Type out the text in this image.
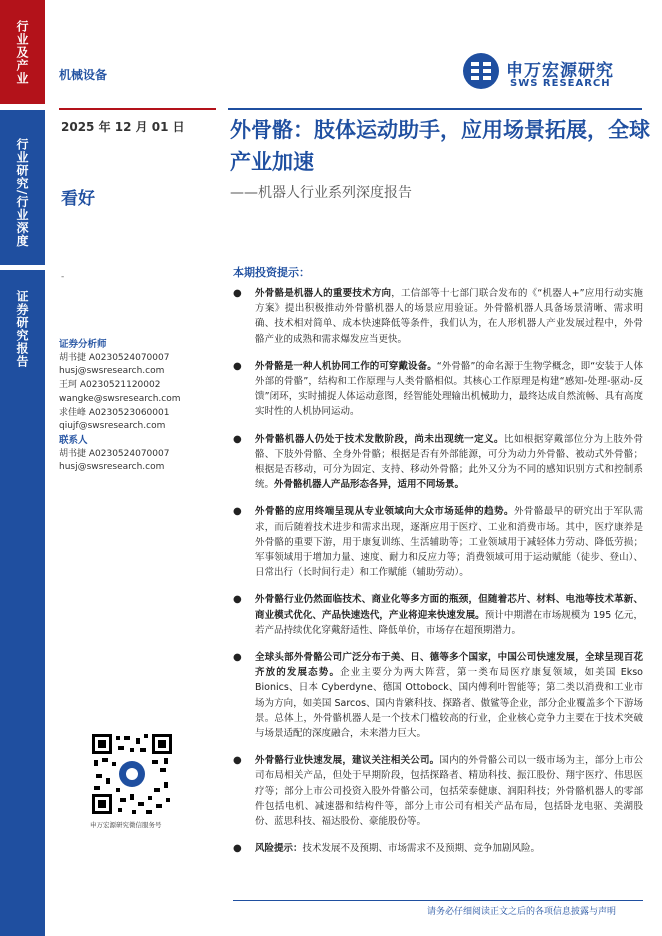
行业及产业
行业研究/行业深度
证券研究报告
机械设备	申万宏源研究
SWS RESEARCH
2025 年 12 月 01 日 外骨骼：肢体运动助手，应用场景拓展，全球产业加速
——机器人行业系列深度报告
看好
-
证券分析师
胡书捷 A0230524070007
husj@swsresearch.com
王珂 A0230521120002
wangke@swsresearch.com
求佳峰 A0230523060001
qiujf@swsresearch.com
联系人
胡书捷 A0230524070007
husj@swsresearch.com
申万宏源研究微信服务号
本期投资提示：
● 外骨骼是机器人的重要技术方向，工信部等十七部门联合发布的《“机器人+”应用行动实施方案》提出积极推动外骨骼机器人的场景应用验证。外骨骼机器人具备场景清晰、需求明确、技术相对简单、成本快速降低等条件，我们认为，在人形机器人产业发展过程中，外骨骼产业的成熟和需求爆发应当更快。
● 外骨骼是一种人机协同工作的可穿戴设备。“外骨骼”的命名源于生物学概念，即“安装于人体外部的骨骼”，结构和工作原理与人类骨骼相似。其核心工作原理是构建“感知-处理-驱动-反馈”闭环，实时捕捉人体运动意图，经智能处理输出机械助力，最终达成自然流畅、具有高度实时性的人机协同运动。
● 外骨骼机器人仍处于技术发散阶段，尚未出现统一定义。比如根据穿戴部位分为上肢外骨骼、下肢外骨骼、全身外骨骼；根据是否有外部能源，可分为动力外骨骼、被动式外骨骼；根据是否移动，可分为固定、支持、移动外骨骼；此外又分为不同的感知识别方式和控制系统。外骨骼机器人产品形态各异，适用不同场景。
● 外骨骼的应用终端呈现从专业领域向大众市场延伸的趋势。外骨骼最早的研究出于军队需求，而后随着技术进步和需求出现，逐渐应用于医疗、工业和消费市场。其中，医疗康养是外骨骼的重要下游，用于康复训练、生活辅助等；工业领域用于减轻体力劳动、降低劳损；军事领域用于增加力量、速度、耐力和反应力等；消费领域可用于运动赋能（徒步、登山）、日常出行（长时间行走）和工作赋能（辅助劳动）。
● 外骨骼行业仍然面临技术、商业化等多方面的瓶颈，但随着芯片、材料、电池等技术革新、商业模式优化、产品快速迭代，产业将迎来快速发展。预计中期潜在市场规模为 195 亿元，若产品持续优化穿戴舒适性、降低单价，市场存在超预期潜力。
● 全球头部外骨骼公司广泛分布于美、日、德等多个国家，中国公司快速发展，全球呈现百花齐放的发展态势。企业主要分为两大阵营，第一类布局医疗康复领域，如美国 Ekso Bionics、日本 Cyberdyne、德国 Ottobock、国内傅利叶智能等；第二类以消费和工业市场为方向，如美国 Sarcos、国内肯綮科技、探路者、傲鲨等企业，部分企业覆盖多个下游场景。总体上，外骨骼机器人是一个技术门槛较高的行业，企业核心竞争力主要在于技术突破与场景适配的深度融合，未来潜力巨大。
● 外骨骼行业快速发展，建议关注相关公司。国内的外骨骼公司以一级市场为主，部分上市公司布局相关产品，但处于早期阶段，包括探路者、精劢科技、振江股份、翔宇医疗、伟思医疗等；部分上市公司投资入股外骨骼公司，包括荣泰健康、润阳科技；外骨骼机器人的零部件包括电机、减速器和结构件等，部分上市公司有相关产品布局，包括卧龙电驱、美湖股份、蓝思科技、福达股份、豪能股份等。
● 风险提示：技术发展不及预期、市场需求不及预期、竞争加剧风险。
请务必仔细阅读正文之后的各项信息披露与声明
